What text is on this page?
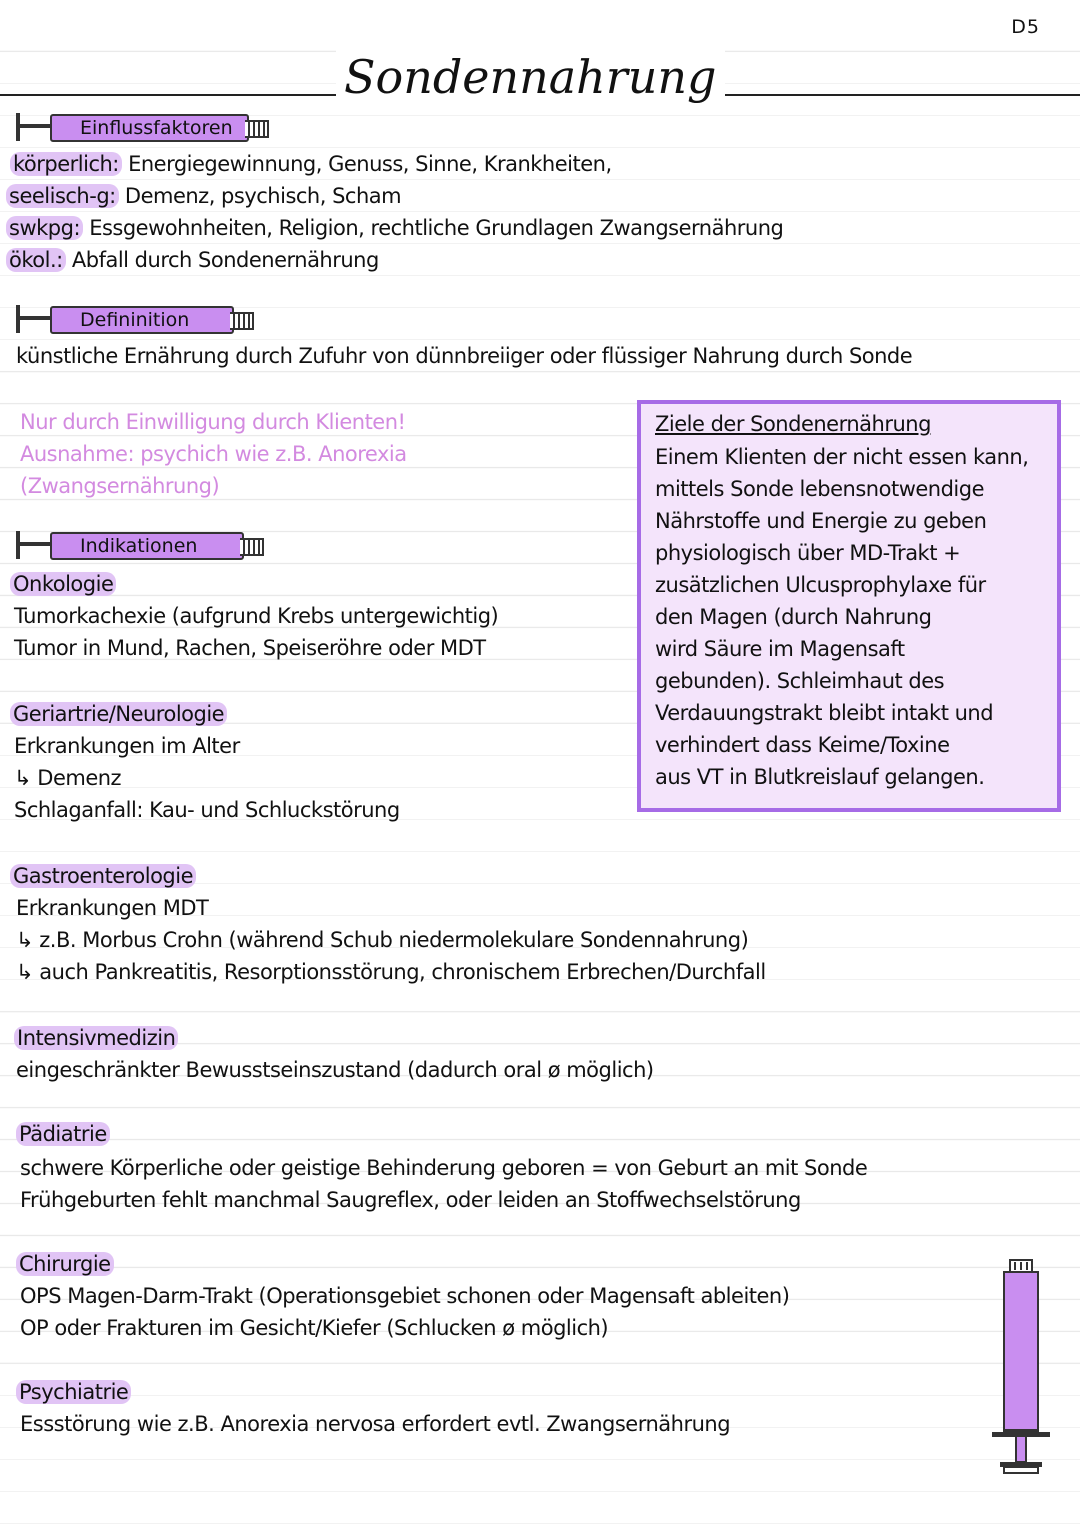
D5
Sondennahrung
Einflussfaktoren
körperlich: Energiegewinnung, Genuss, Sinne, Krankheiten,
seelisch-g: Demenz, psychisch, Scham
swkpg: Essgewohnheiten, Religion, rechtliche Grundlagen Zwangsernährung
ökol.: Abfall durch Sondenernährung
Defininition
künstliche Ernährung durch Zufuhr von dünnbreiiger oder flüssiger Nahrung durch Sonde
Nur durch Einwilligung durch Klienten!
Ausnahme: psychich wie z.B. Anorexia
(Zwangsernährung)
Indikationen
Onkologie
Tumorkachexie (aufgrund Krebs untergewichtig)
Tumor in Mund, Rachen, Speiseröhre oder MDT
Geriartrie/Neurologie
Erkrankungen im Alter
↳ Demenz
Schlaganfall: Kau- und Schluckstörung
Ziele der Sondenernährung
Einem Klienten der nicht essen kann,
mittels Sonde lebensnotwendige
Nährstoffe und Energie zu geben
physiologisch über MD-Trakt +
zusätzlichen Ulcusprophylaxe für
den Magen (durch Nahrung
wird Säure im Magensaft
gebunden). Schleimhaut des
Verdauungstrakt bleibt intakt und
verhindert dass Keime/Toxine
aus VT in Blutkreislauf gelangen.
Gastroenterologie
Erkrankungen MDT
↳ z.B. Morbus Crohn (während Schub niedermolekulare Sondennahrung)
↳ auch Pankreatitis, Resorptionsstörung, chronischem Erbrechen/Durchfall
Intensivmedizin
eingeschränkter Bewusstseinszustand (dadurch oral ø möglich)
Pädiatrie
schwere Körperliche oder geistige Behinderung geboren = von Geburt an mit Sonde
Frühgeburten fehlt manchmal Saugreflex, oder leiden an Stoffwechselstörung
Chirurgie
OPS Magen-Darm-Trakt (Operationsgebiet schonen oder Magensaft ableiten)
OP oder Frakturen im Gesicht/Kiefer (Schlucken ø möglich)
Psychiatrie
Essstörung wie z.B. Anorexia nervosa erfordert evtl. Zwangsernährung
